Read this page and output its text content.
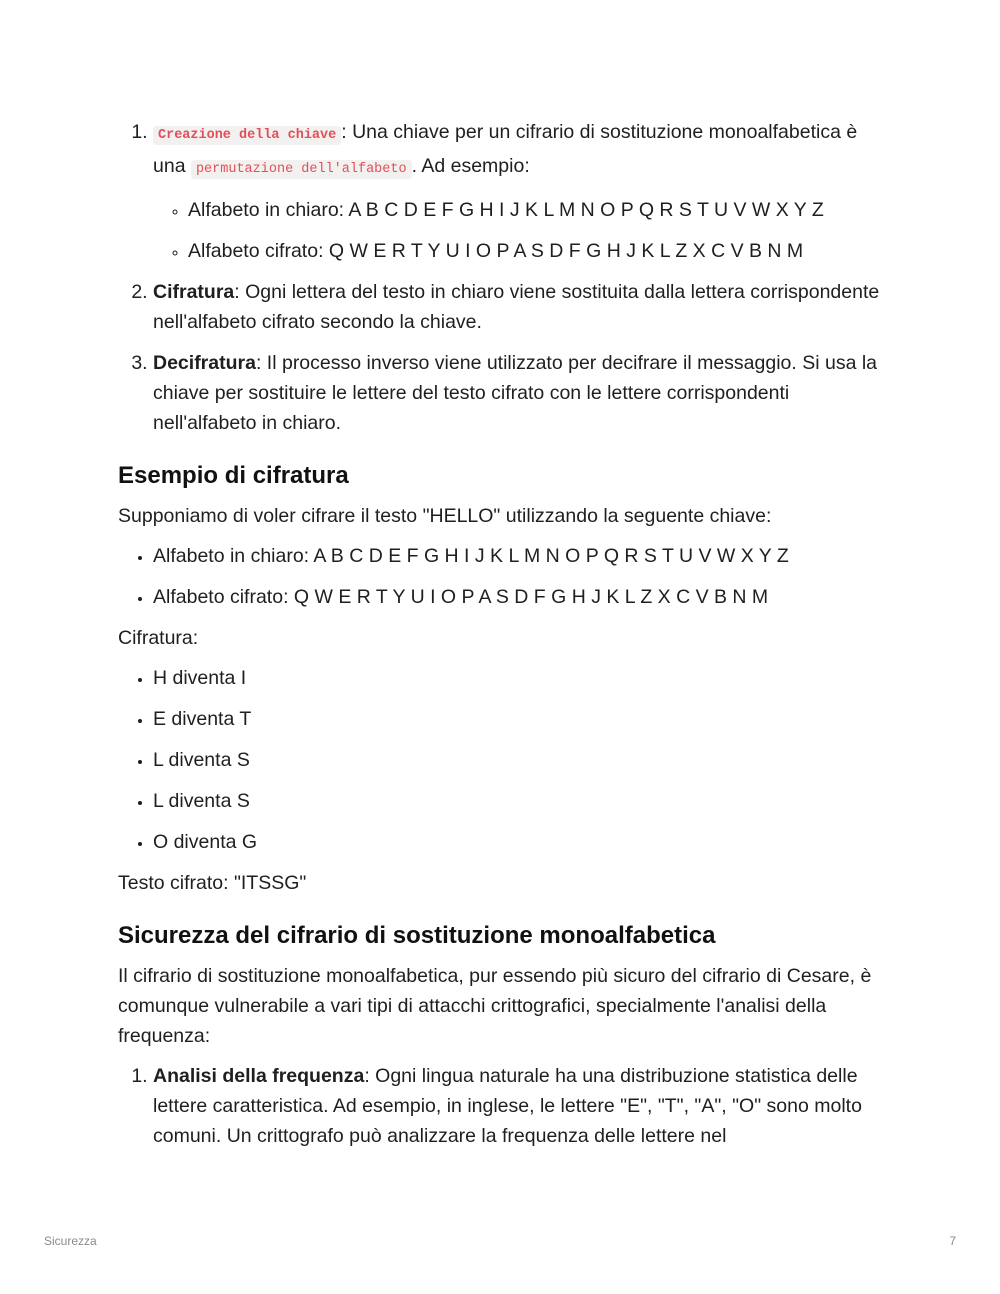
1. Creazione della chiave : Una chiave per un cifrario di sostituzione monoalfabetica è una permutazione dell'alfabeto . Ad esempio:
◦ Alfabeto in chiaro: A B C D E F G H I J K L M N O P Q R S T U V W X Y Z
◦ Alfabeto cifrato: Q W E R T Y U I O P A S D F G H J K L Z X C V B N M
2. Cifratura: Ogni lettera del testo in chiaro viene sostituita dalla lettera corrispondente nell'alfabeto cifrato secondo la chiave.
3. Decifratura: Il processo inverso viene utilizzato per decifrare il messaggio. Si usa la chiave per sostituire le lettere del testo cifrato con le lettere corrispondenti nell'alfabeto in chiaro.
Esempio di cifratura

Supponiamo di voler cifrare il testo "HELLO" utilizzando la seguente chiave:

• Alfabeto in chiaro: A B C D E F G H I J K L M N O P Q R S T U V W X Y Z
• Alfabeto cifrato: Q W E R T Y U I O P A S D F G H J K L Z X C V B N M

Cifratura:

• H diventa I
• E diventa T
• L diventa S
• L diventa S
• O diventa G

Testo cifrato: "ITSSG"

Sicurezza del cifrario di sostituzione monoalfabetica

Il cifrario di sostituzione monoalfabetica, pur essendo più sicuro del cifrario di Cesare, è comunque vulnerabile a vari tipi di attacchi crittografici, specialmente l'analisi della frequenza:

1. Analisi della frequenza: Ogni lingua naturale ha una distribuzione statistica delle lettere caratteristica. Ad esempio, in inglese, le lettere "E", "T", "A", "O" sono molto comuni. Un crittografo può analizzare la frequenza delle lettere nel
Sicurezza	7
